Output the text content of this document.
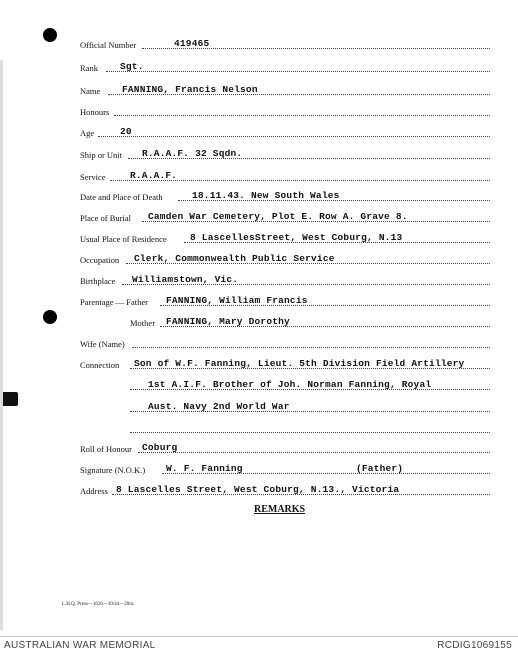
Official Number	419465
Rank Sgt.
Name FANNING, Francis Nelson
Honours
Age	20
Ship or Unit R.A.A.F. 32 Sqdn.
Service	R.A.A.F.
Date and Place of Death	18.11.43. New South Wales
Place of Burial Camden War Cemetery, Plot E. Row A. Grave 8.
Usual Place of Residence 8 LascellesStreet, West Coburg, N.13
Occupation Clerk, Commonwealth Public Service
Birthplace Williamstown, Vic.
Parentage — Father FANNING, William Francis
Mother FANNING, Mary Dorothy
Wife (Name)
Connection Son of W.F. Fanning, Lieut. 5th Division Field Artillery
1st A.I.F. Brother of Joh. Norman Fanning, Royal
Aust. Navy 2nd World War
Roll of Honour Coburg
Signature (N.O.K.) W. F. Fanning	(Father)
Address 8 Lascelles Street, West Coburg, N.13., Victoria
REMARKS
L.H.Q. Press—1626—10/44—20m.
AUSTRALIAN WAR MEMORIAL	RCDIG1069155
